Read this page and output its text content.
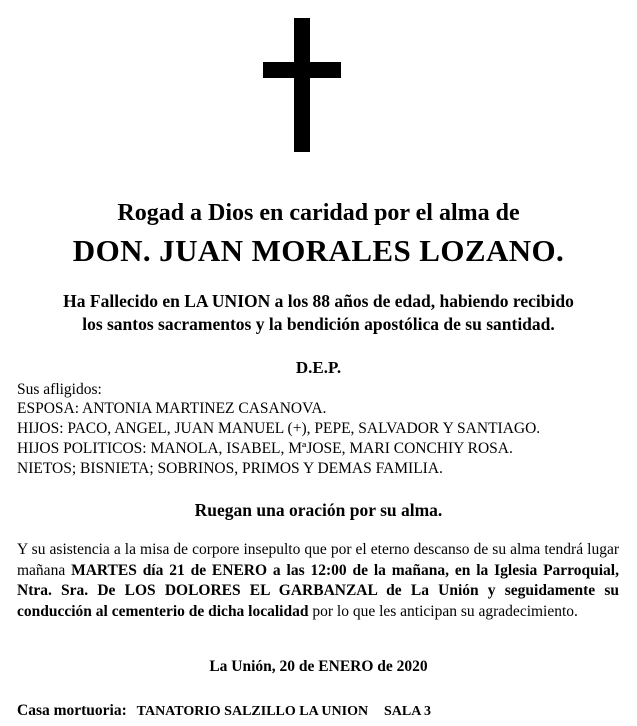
Rogad a Dios en caridad por el alma de
DON. JUAN MORALES LOZANO.
Ha Fallecido en LA UNION a los 88 años de edad, habiendo recibido
los santos sacramentos y la bendición apostólica de su santidad.
D.E.P.
Sus afligidos:
ESPOSA: ANTONIA MARTINEZ CASANOVA.
HIJOS: PACO, ANGEL, JUAN MANUEL (+), PEPE, SALVADOR Y SANTIAGO.
HIJOS POLITICOS: MANOLA, ISABEL, MªJOSE, MARI CONCHIY ROSA.
NIETOS; BISNIETA; SOBRINOS, PRIMOS Y DEMAS FAMILIA.
Ruegan una oración por su alma.
Y su asistencia a la misa de corpore insepulto que por el eterno descanso de su alma tendrá lugar mañana MARTES día 21 de ENERO a las 12:00 de la mañana, en la Iglesia Parroquial, Ntra. Sra. De LOS DOLORES EL GARBANZAL de La Unión y seguidamente su conducción al cementerio de dicha localidad por lo que les anticipan su agradecimiento.
La Unión, 20 de ENERO de 2020
Casa mortuoria: TANATORIO SALZILLO LA UNION SALA 3
